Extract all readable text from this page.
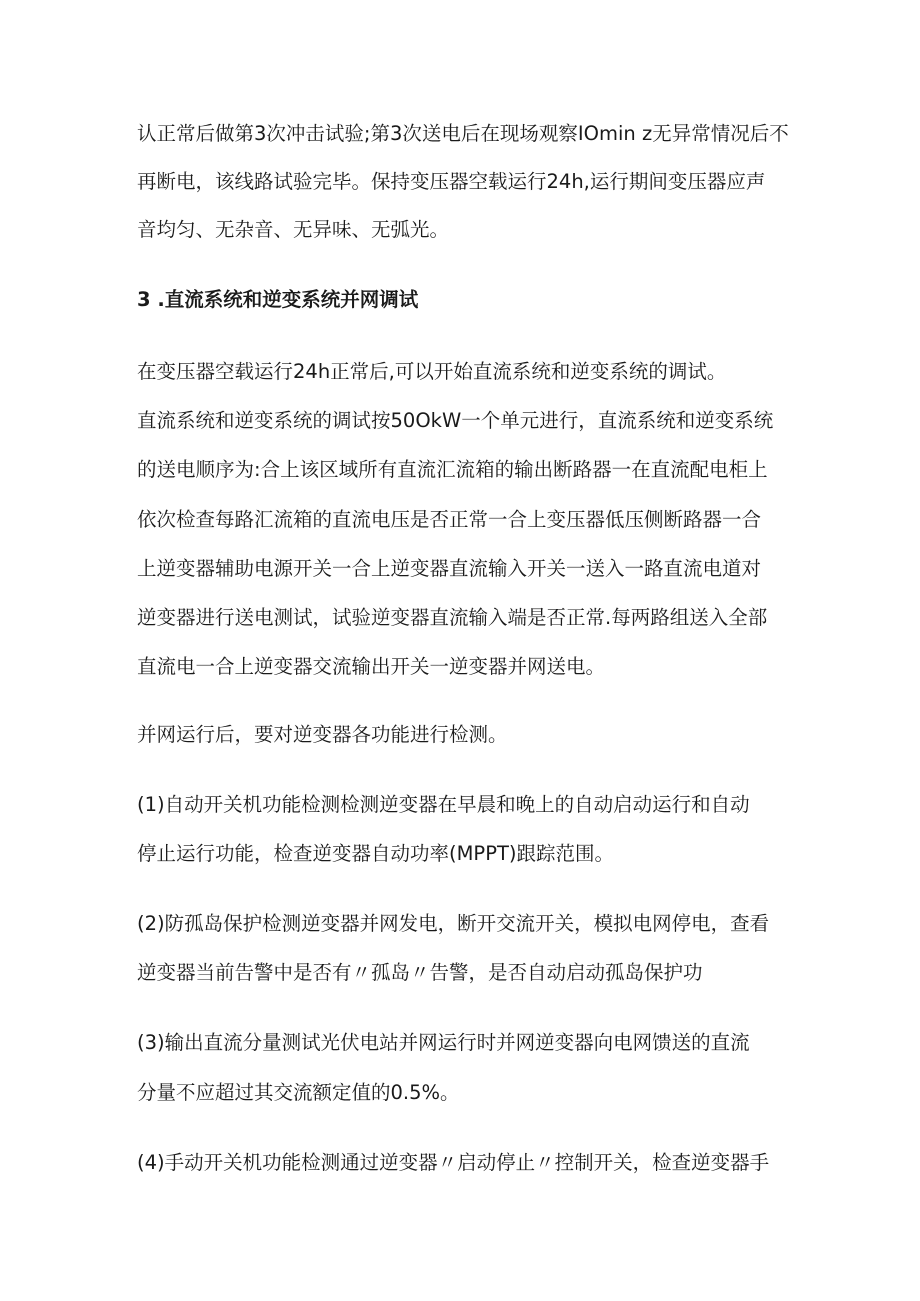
认正常后做第3次冲击试验;第3次送电后在现场观察IOmin z无异常情况后不
再断电，该线路试验完毕。保持变压器空载运行24h,运行期间变压器应声
音均匀、无杂音、无异味、无弧光。
3 .直流系统和逆变系统并网调试
在变压器空载运行24h正常后,可以开始直流系统和逆变系统的调试。
直流系统和逆变系统的调试按50OkW一个单元进行，直流系统和逆变系统
的送电顺序为:合上该区域所有直流汇流箱的输出断路器一在直流配电柜上
依次检查每路汇流箱的直流电压是否正常一合上变压器低压侧断路器一合
上逆变器辅助电源开关一合上逆变器直流输入开关一送入一路直流电道对
逆变器进行送电测试，试验逆变器直流输入端是否正常.每两路组送入全部
直流电一合上逆变器交流输出开关一逆变器并网送电。
并网运行后，要对逆变器各功能进行检测。
(1)自动开关机功能检测检测逆变器在早晨和晚上的自动启动运行和自动
停止运行功能，检查逆变器自动功率(MPPT)跟踪范围。
(2)防孤岛保护检测逆变器并网发电，断开交流开关，模拟电网停电，查看
逆变器当前告警中是否有〃孤岛〃告警，是否自动启动孤岛保护功
(3)输出直流分量测试光伏电站并网运行时并网逆变器向电网馈送的直流
分量不应超过其交流额定值的0.5%。
(4)手动开关机功能检测通过逆变器〃启动停止〃控制开关，检查逆变器手
